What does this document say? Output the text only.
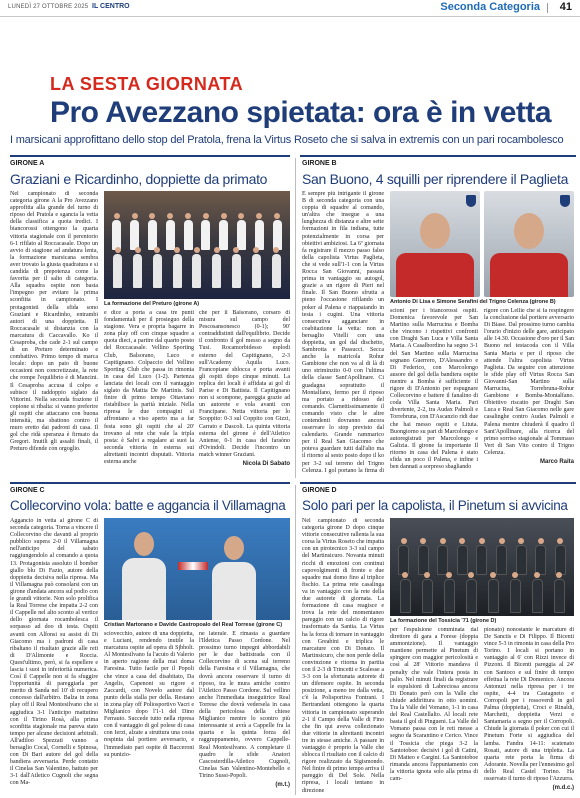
LUNEDÌ 27 OTTOBRE 2025 IL CENTRO	Seconda Categoria 41
LA SESTA GIORNATA
Pro Avezzano spietata: ora è in vetta
I marsicani approfittano dello stop del Pratola, frena la Virtus Roseto che si salva in extremis con un pari rocambolesco
GIRONE A
Graziani e Ricardinho, doppiette da primato
Nel campionato di seconda categoria girone A la Pro Avezzano approfitta alla grande del turno di riposo del Pratola e sgancia la vetta della classifica a quota tredici. I biancorossi ottengono la quarta vittoria stagionale con il perentorio 6-1 rifilato al Roccacasale. Dopo un avvio di stagione ad andatura lenta, la formazione marsicana sembra aver trovato la giusta quadratura e si candida di prepotenza come la favorita per il salto di categoria. Alla squadra ospite non basta l'impegno per evitare la prima sconfitta in campionato. I protagonisti della sfida sono Graziani e Ricardinho, entrambi autori di una doppietta. Il Roccacasale si distanzia con la marcatura di Caccavallo. Ko il Cesaproba, che cade 2-1 sul campo di un Preturo determinato e combattivo. Primo tempo di marca locale: dopo un paio di buone occasioni non concretizzate, la rete che rompe l'equilibrio è di Mancini. Il Cesaproba accusa il colpo e subisce il raddoppio siglato da Vittorini. Nella seconda frazione il copione si ribalta: si vanno preferire gli ospiti che attaccano con buona intensità, ma sbattono contro il muro eretto dai padroni di casa. Il gol che ridà speranza è firmato da Gregori. Inutili gli assalti finali, il Preturo difende con orgoglio.
La formazione del Preturo (girone A)
e dice a porta a casa tre punti fondamentali per il prosieguo della stagione. Vera e propria bagarre in zona play off con cinque squadre a quota dieci, a partire dal quarto posto del Roccacasale. Vellino Sporting Club, Balsorano, Luco e Capitignano. Colpaccio del Vellino Sporting Club che passa in rimonta in casa del Luco (1-2). Partenza lanciata dei locali con il vantaggio siglato da Mattia De Martinis. Sul finire di primo tempo Ottaviano ristabilisce la parità iniziale. Nella ripresa le due compagini si affrontano a viso aperto ma a far festa sono gli ospiti che al 20' trovano al rete che vale la tripla posta: è Salvi a regalare ai suoi la seconda vittoria in esterna sui altrettanti incontri disputati. Vittoria esterna anche
che per il Balsorano, corsaro di misura sul campo del Pescosansonesco (0-1); 90' contraddistinti dall'equilibrio. Decide il confronto il gol messo a segno da Tusi. Rocamorbidesso esplodi esterno del Capitignano, 2-3 sull'Academy Aquila Luco. Francopiane sblocca e porta avanti gli ospiti dopo cinque minuti. La replica dei locali è affidata ai gol di Parise e Di Battista. Il Capitignano non si scompone, pareggia grazie ad un autorete e vola avanti con Francipane. Netta vittoria per lo Scoppito: 0-3 sul Coppito con Gizzi, Carrato e Dascoli. La quinta vittoria esterna del girone è dell'Atletico Aniense, 0-1 in casa del faraòno d'Ovindoli. Decide l'incontro un match winner Graziani.
Nicola Di Sabato
GIRONE B
San Buono, 4 squilli per riprendere il Paglieta
È sempre più intrigante il girone B di seconda categoria con una coppia di squadre al comando, un'altra che insegue a una lunghezza di distanza e altre sette formazioni in fila indiana, tutte potenzialmente in corsa per obiettivi ambiziosi. La 6ª giornata fa registrare il mezzo passo falso della capolista Virtus Paglieta, che si vede sull'1-1 con la Virtus Rocca San Giovanni, passata prima in vantaggio su autogol, grazie a un rigore di Pieri nel finale. Il San Buono sfrutta a pieno l'occasione rifilando un poker al Palena e riappaiando in testa i cugini. Una vittoria consecutiva agganciare in coabitazione la vetta: non a bersaglio Vitelli con una doppietta, un gol dal dischetto, Sambrotta e Passucci. Secca anche la matricola Rohur Gambione che non va al di là di uno striminzito 0-0 con l'ultima della classe Sant'Apollinare. Ci guadagna soprattutto il Montalfano, fermo per il riposo ma portato a ridosso del comando. Clarnettissimamente il comando visto che le altre contendenti dovranno ancora osservare lo stop previsto dal calendario. Grande rammarico per il Real San Giacomo che poteva guardare tutti dall'alto ma il ritorno al sesto posto dopo il ko per 3-2 sul terreno del Trigno Celenza. I gol portano la firma di
Antonio Di Lisa e Simone Serafini del Trigno Celenza (girone B)
scioni per i biancorossi ospiti. Domenica favorevole per San Martino sulla Marrucina e Bomba che vincono i rispettivi confronti con Draghi San Luca e Villa Santa Maria. A Casalbordino ha segno 3-1 del San Martino sulla Marrucina segnano Guerrero, D'Alessandro e Di Federico, con Marcolongo ausore del gol della bandiera ospite mentre a Bomba è sufficiente il rigore di D'Antonio per espugnare Collecorvino e battere il fanalino di coda Villa Santa Maria. Pari divertente, 2-2, tra Audax Palmoli e Torrebruna, con D'Ascanzio ridi due che hai messo ospiti e Lituta. Buongiorno su pari di Marcolongo e autoregistrati per Marcolongo e Galizia. Il girone fa importante Il ritorno in casa del Palena è stato sfida un poco il Palena, e infine i ben dannati a sorpreso sbagliando
rigore con Lellie che si fa respingere la conclusione dal portiere avversario Di Biase. Dal prossimo turno cambia l'orario d'inizio delle gare, anticipato alle 14.30. Occasione d'oro per il San Buono nel testacoda con il Villa Santa Maria e per il riposo che attende l'altra capolista Virtus Paglieta. Da seguire con attenzione le sfide play off Virtus Rocca San Giovanni-San Martino sulla Marrucina, Torrebruna-Rohur Gambione e Bomba-Montalfano. Obiettivo riscatto per Draghi San Luca e Real San Giacomo nelle gare casalinghe contro Audax Palmoli e Palena mentre chiuderà il quadro il Sant'Apollinare, alla ricerca del primo sorriso stagionale al Tommaso Vert di San Vito contro il Trigno Celenza.
Marco Raita
GIRONE C
Collecorvino vola: batte e aggancia il Villamagna
Aggancio in vetta al girone C di seconda categoria. Torna a vincere il Collecorvino che davanti al proprio pubblico supera 2-0 il Villamagna nell'anticipo del sabato raggiungendolo al comando a quota 13. Protagonista assoluto il bomber giallo blu Di Fazio, autore della doppietta decisiva nella ripresa. Ma il Villamagna può consolarsi con un girone d'andata ancora sul podio con le grandi vittorie. Non solo prolifica la Real Torrese che impatta 2-2 con il Cappelle nel alto sconto al vertice dello giornata rocambolesca il sorpasso ad doo di testa. Ospiti avanti con Alfonsi su assist di Di Giacomo ma i padroni di casa ribaltano il risultato grazie alle reti di D'Alimonte e Roccia. Quest'ultimo, però, si fa espellere e lascia i suoi in inferiorità numerica. Così il Cappelle non si fa sfuggire l'opportunità di pareggiarla per merito di Sanda nel 10' di recupero concesso dall'arbitro. Balza in zona play off il Real Montesilvano che si aggiudica 3-1 l'anticipo mattutino con il Tirino Rosà, alla prima sconfitta stagionale ma pareva stato tempo per alcune decisioni arbitrali. All'adiloo Spezzati vanno a bersaglio Cocal, Cornelli e Spinosa, con Di Bari autore del gol della bandiera avversaria. Perde contatto il Cinelas San Valentino, battuto per 3-1 dall'Atletico Cugnoli che segna con Ma-
Cristian Martorano e Davide Castropoalo del Real Torrese (girone C)
sciovecchio, autore di una doppietta, e Luciani, rendendo inutile la marcatura ospite ad opera di Sjbholt. Al Montesilvano fa l'acuto di Valerio in aperto ragione della mai doma Faresina. Tutto facile per il Popoli che vince a casa del disabitato, Da Angelis, Capenoni su rigore e Zaccardi, con Novelo autore dal punto della stalla per della. Restano in zona play off Poliosportivo Vacri e Miglianico dopo l'1-1 del Dino Ferrauto. Succede tutto nella ripresa con il vantaggio di gol polese di casa con Ierzi, alzate a struttura una costa respinta dal portiere avversario, e l'immediato pari ospite di Bacceroni su punizio-
ne laterale. E rimasta a guardare l'Ildetica Passo Cordone. Nel prossimo turno impegni abbordabili per le due battistrada con il Collecorvino di scena sul terreno della Faresina e il Villamagna, che dovrà ancora osservare il turno di riposo, tra le mura amiche contro l'Atletico Passo Cordone. Sul vellino anche l'immediata inseguitrice Real Torrese che dovrà vedersela in casa della pericolosa della chiese Miglianico mentre lo scontro più interessante si avrà a Cappelle fra la quarta e la quinta forza del raggruppamento, ovvero Cappelle-Real Montesilvano. A completare il quadro le sfide Anatori Cascosterdilla-Atletico Cugnoli, Cinelas San Valentino-Montebello e Tirino Sussi-Popoli.
(m.t.)
GIRONE D
Solo pari per la capolista, il Pinetum si avvicina
Nel campionato di seconda categoria girone D dopo cinque vittorie consecutive rallenta la sua corsa la Virtus Roseto che impatta con un pirotecnico 3-3 sul campo del Martinsicuro. Novanta minuti ricchi di emozioni con continui capovolgimenti di fronte e due squadre mai domo fino al triplice fischio. La prima rete casalinga va in vantaggio con la rete della due autorete di giornata. La formazione di casa reagisce e trova la rete del momentaneo pareggio con un calcio di rigore trasformato da Santia. La Virtus ha la forza di tornare in vantaggio con Greabini e triplica le marcature con Di Donato. Il Martinsicuro, che non perde della convinzione e ritorna in partita con il 2-3 di Trincetti e Scalesse a 3-3 con la sfortunata autorete di un difensore ospite. In seconda posizione, a meno tre dalla vetta, c'è la Polisportiva Fontrani. I Bertrandani ottengono la quarta vittoria in campionato superando 2-1 il Campo della Valle di Fino che fin qui aveva collezionato due vittorie in altrettanti incontri tre in stesse amiche. A passare in vantaggio è proprio la Valle che sblocca il risultato con il calcio di rigore realizzato da Sigismondo. Nel finire di primo tempo arriva il pareggio di Del Sole. Nella ripresa, i locali tentano in direzione
La formazione del Tossicia '71 (girone D)
per l'espulsione comminata dal direttore di gara a Forese (doppia ammonizione). Il vantaggio mantiene permette al Pinetum di spingere con maggior pericolosità e così al 28' Vittorio mandava il penalty che vale l'intera posta in palio. Nel minuti finali da registrare le espulsioni di Labreciosa ancora Di Donato però con la Valle che chiude addirittura in otto uomini. Tra la Valle del Vomano, 1-1 in casa del Real Castellalto. Al locali rete basta il gol di Pingueni. La Valle del Vomano passa con le reti messe a segno da Scarantino e Cerico. Vince il Tossicia che piega 3-2 la Santotoboe: decisivi i gol di Catini, Di Matteo e Cargini. La Santotoboe rimanda ancora l'appuntamento con la vittoria ignota solo alla prima di cam-
pionato) nonostante le marcature di De Sanctis e Di Filippo. Il Bicenti vince 5-3 in rimonta in casa della Pro Torino. I locali si portano in vantaggio al 6' con Rizzi invece di Pizzoni. Il Bicenti pareggia al 24' con Santoco e sul finire di tempo effettua la rete Di Domenico. Ancora Antonuzi nella ripresa per i tre ospite, 4-4 tra Castagneto e Corropoli per i rossoverdi in gol Palma (doppietta), Croci e Rinaldi, Marchetti, doppietta Verzi e Santamaria a segno per il Corropoli. Chiude la giornata il poker con cui il Pinetum Forte si aggiudica del lamba. Fandra 14-11: scatenato Rosati, autore di una tripletta. La quarta rete porta la firma di Adorante. Novella per l'ennesimo gol dello Real Castel Torino. Ha osservato il turno di riposo l'Azzurra.
(m.d.c.)
